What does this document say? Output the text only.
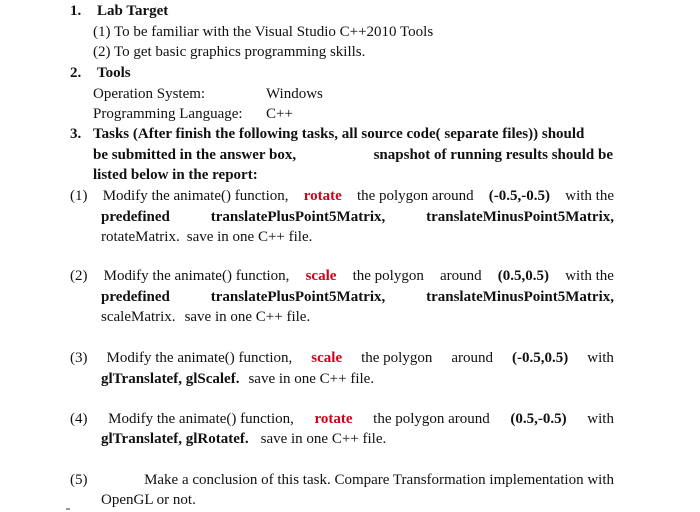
1. Lab Target
(1) To be familiar with the Visual Studio C++2010 Tools
(2) To get basic graphics programming skills.
2. Tools
Operation System:	Windows
Programming Language: C++
3. Tasks (After finish the following tasks, all source code( separate files)) should
be submitted in the answer box,	snapshot of running results should be
listed below in the report:
(1) Modify the animate() function, rotate the polygon around (-0.5,-0.5) with the
predefined	translatePlusPoint5Matrix,	translateMinusPoint5Matrix,
rotateMatrix. save in one C++ file.
(2) Modify the animate() function, scale the polygon around (0.5,0.5) with the
predefined	translatePlusPoint5Matrix,	translateMinusPoint5Matrix,
scaleMatrix. save in one C++ file.
(3) Modify the animate() function, scale the polygon around (-0.5,0.5) with
glTranslatef, glScalef. save in one C++ file.
(4) Modify the animate() function, rotate the polygon around (0.5,-0.5) with
glTranslatef, glRotatef. save in one C++ file.
(5)	Make a conclusion of this task. Compare Transformation implementation with
OpenGL or not.
